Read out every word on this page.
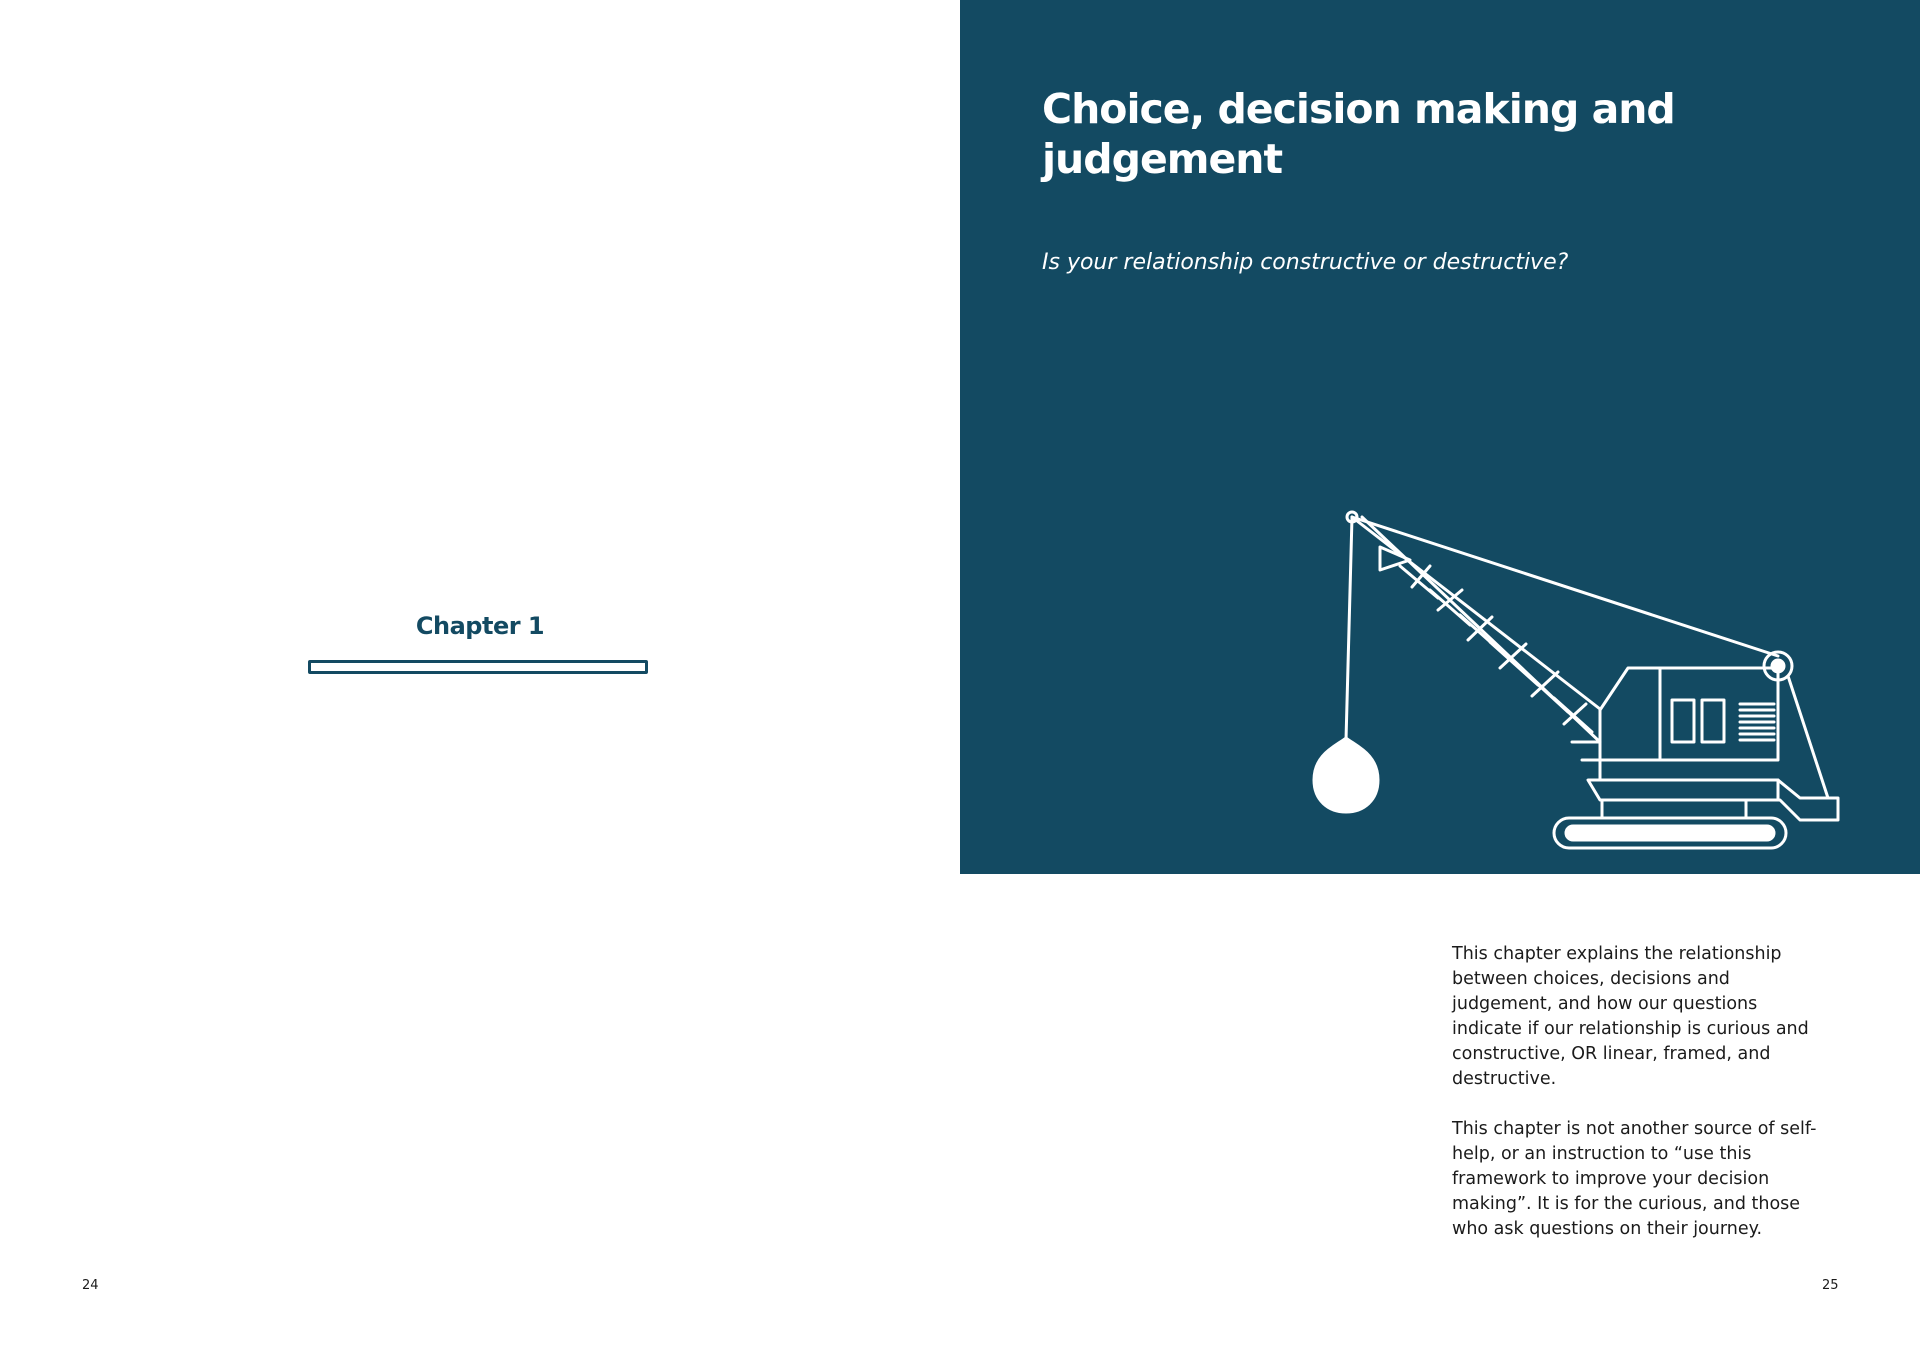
Chapter 1
24
Choice, decision making and judgement
Is your relationship constructive or destructive?

This chapter explains the relationship between choices, decisions and judgement, and how our questions indicate if our relationship is curious and constructive, OR linear, framed, and destructive.

This chapter is not another source of self-help, or an instruction to “use this framework to improve your decision making”. It is for the curious, and those who ask questions on their journey.

25
